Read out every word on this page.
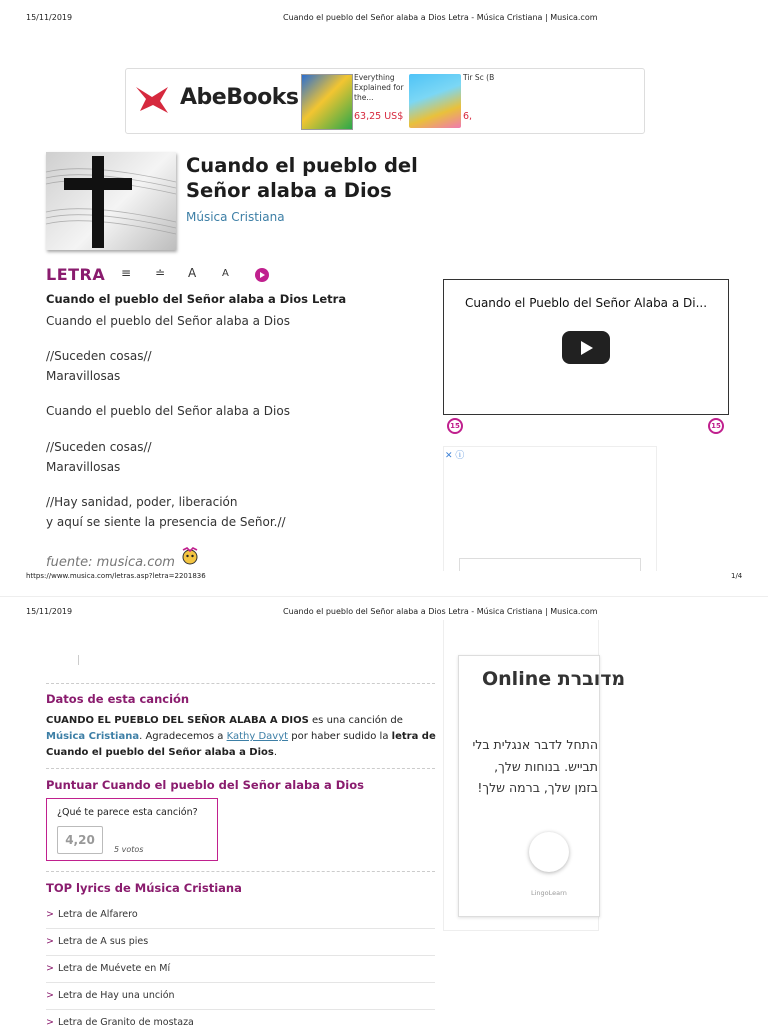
15/11/2019	Cuando el pueblo del Señor alaba a Dios Letra - Música Cristiana | Musica.com
AbeBooks
Everything Explained for the...
63,25 US$
Tir Sc (B
6,
Cuando el pueblo del
Señor alaba a Dios
Música Cristiana
LETRA ≡ ≐ A	A
Cuando el pueblo del Señor alaba a Dios Letra
Cuando el pueblo del Señor alaba a Dios
//Suceden cosas//
Maravillosas
Cuando el pueblo del Señor alaba a Dios
//Suceden cosas//
Maravillosas
//Hay sanidad, poder, liberación
y aquí se siente la presencia de Señor.//
fuente: musica.com
Cuando el Pueblo del Señor Alaba a Di...
15	15
✕ ⓘ
https://www.musica.com/letras.asp?letra=2201836	1/4
15/11/2019	Cuando el pueblo del Señor alaba a Dios Letra - Música Cristiana | Musica.com
Datos de esta canción
CUANDO EL PUEBLO DEL SEÑOR ALABA A DIOS es una canción de Música Cristiana. Agradecemos a Kathy Davyt por haber sudido la letra de
Cuando el pueblo del Señor alaba a Dios.
Puntuar Cuando el pueblo del Señor alaba a Dios
¿Qué te parece esta canción?
4,20
5 votos
TOP lyrics de Música Cristiana
> Letra de Alfarero
> Letra de A sus pies
> Letra de Muévete en Mí
> Letra de Hay una unción
> Letra de Granito de mostaza
מדוברת Online
התחל לדבר אנגלית בלי
תבייש. בנוחות שלך,
בזמן שלך, ברמה שלך!
LingoLearn
